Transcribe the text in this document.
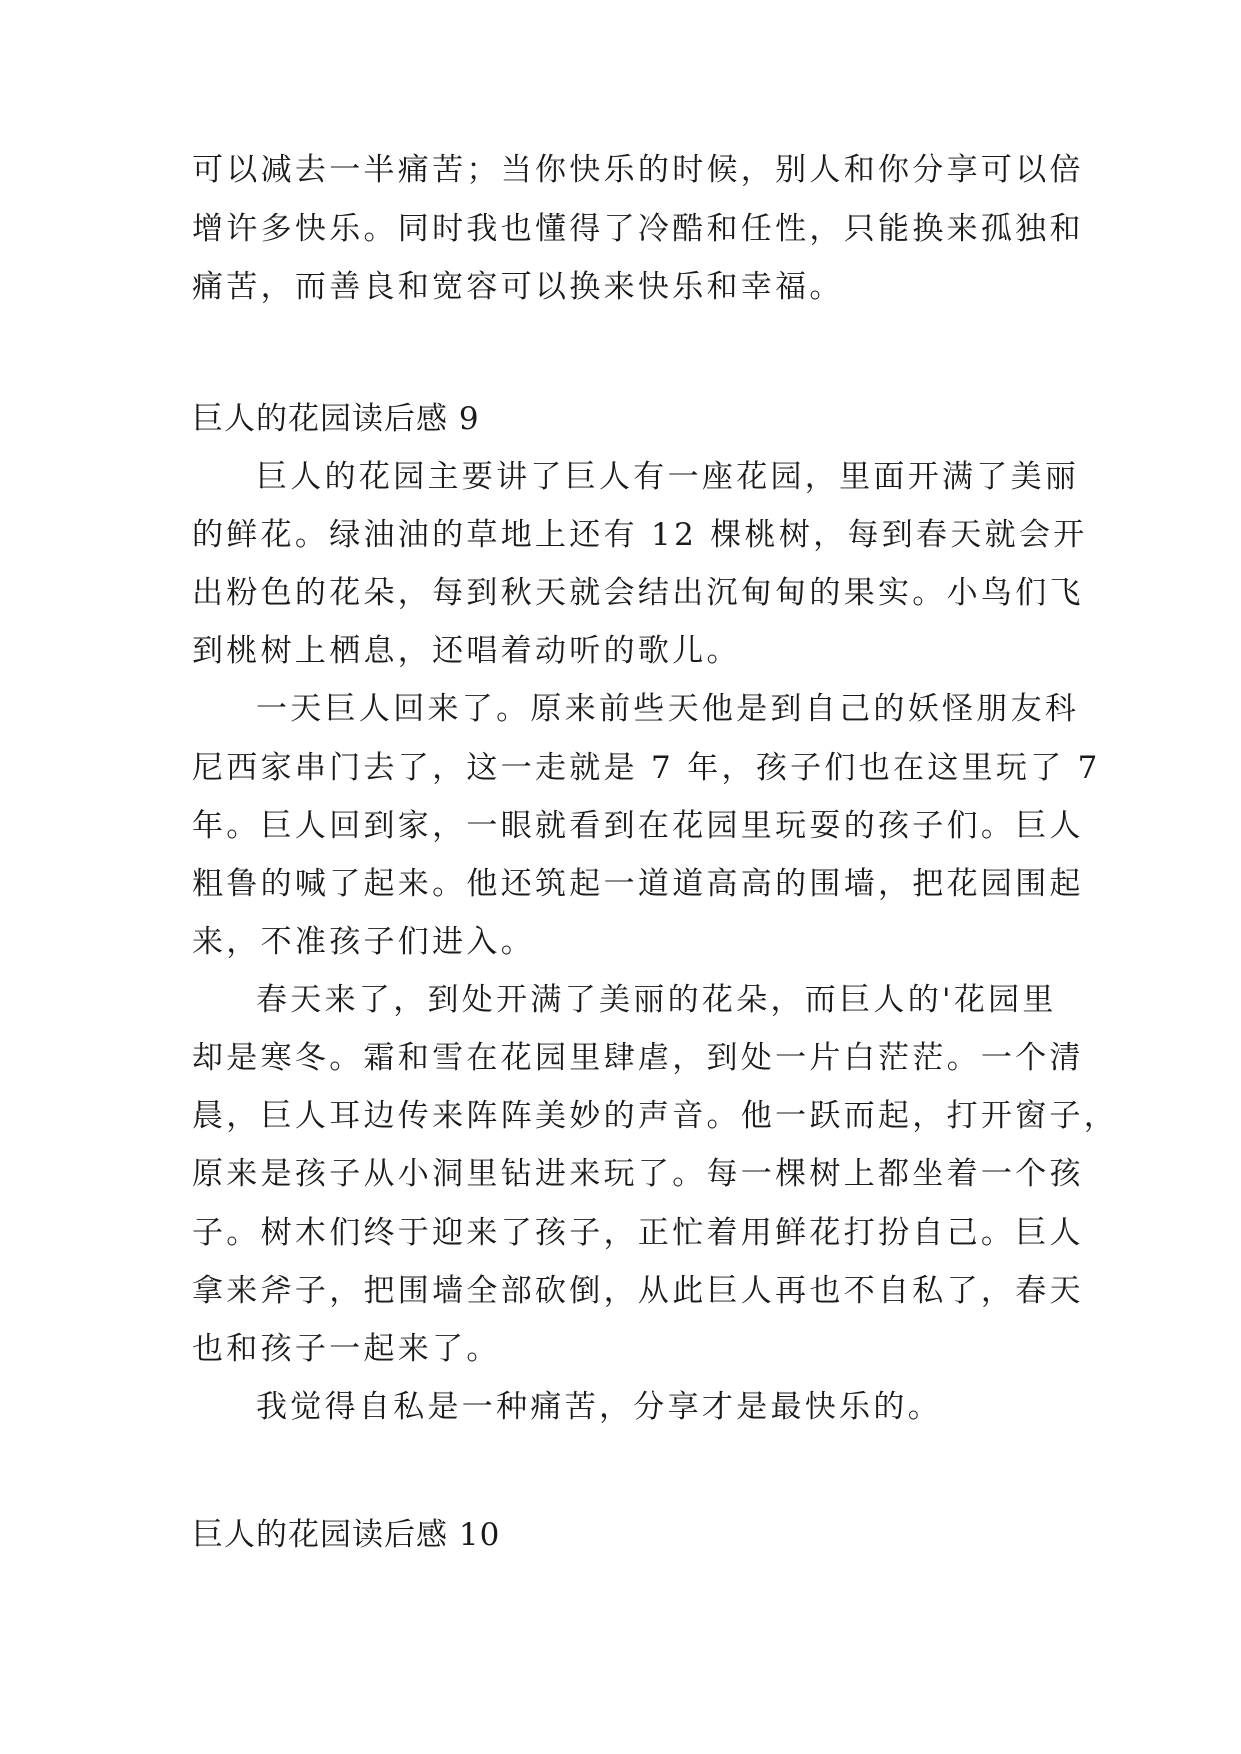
可以减去一半痛苦；当你快乐的时候，别人和你分享可以倍

增许多快乐。同时我也懂得了冷酷和任性，只能换来孤独和

痛苦，而善良和宽容可以换来快乐和幸福。

巨人的花园读后感 9

巨人的花园主要讲了巨人有一座花园，里面开满了美丽

的鲜花。绿油油的草地上还有 12 棵桃树，每到春天就会开

出粉色的花朵，每到秋天就会结出沉甸甸的果实。小鸟们飞

到桃树上栖息，还唱着动听的歌儿。

一天巨人回来了。原来前些天他是到自己的妖怪朋友科

尼西家串门去了，这一走就是 7 年，孩子们也在这里玩了 7

年。巨人回到家，一眼就看到在花园里玩耍的孩子们。巨人

粗鲁的喊了起来。他还筑起一道道高高的围墙，把花园围起

来，不准孩子们进入。

春天来了，到处开满了美丽的花朵，而巨人的'花园里

却是寒冬。霜和雪在花园里肆虐，到处一片白茫茫。一个清

晨，巨人耳边传来阵阵美妙的声音。他一跃而起，打开窗子，

原来是孩子从小洞里钻进来玩了。每一棵树上都坐着一个孩

子。树木们终于迎来了孩子，正忙着用鲜花打扮自己。巨人

拿来斧子，把围墙全部砍倒，从此巨人再也不自私了，春天

也和孩子一起来了。

我觉得自私是一种痛苦，分享才是最快乐的。

巨人的花园读后感 10
